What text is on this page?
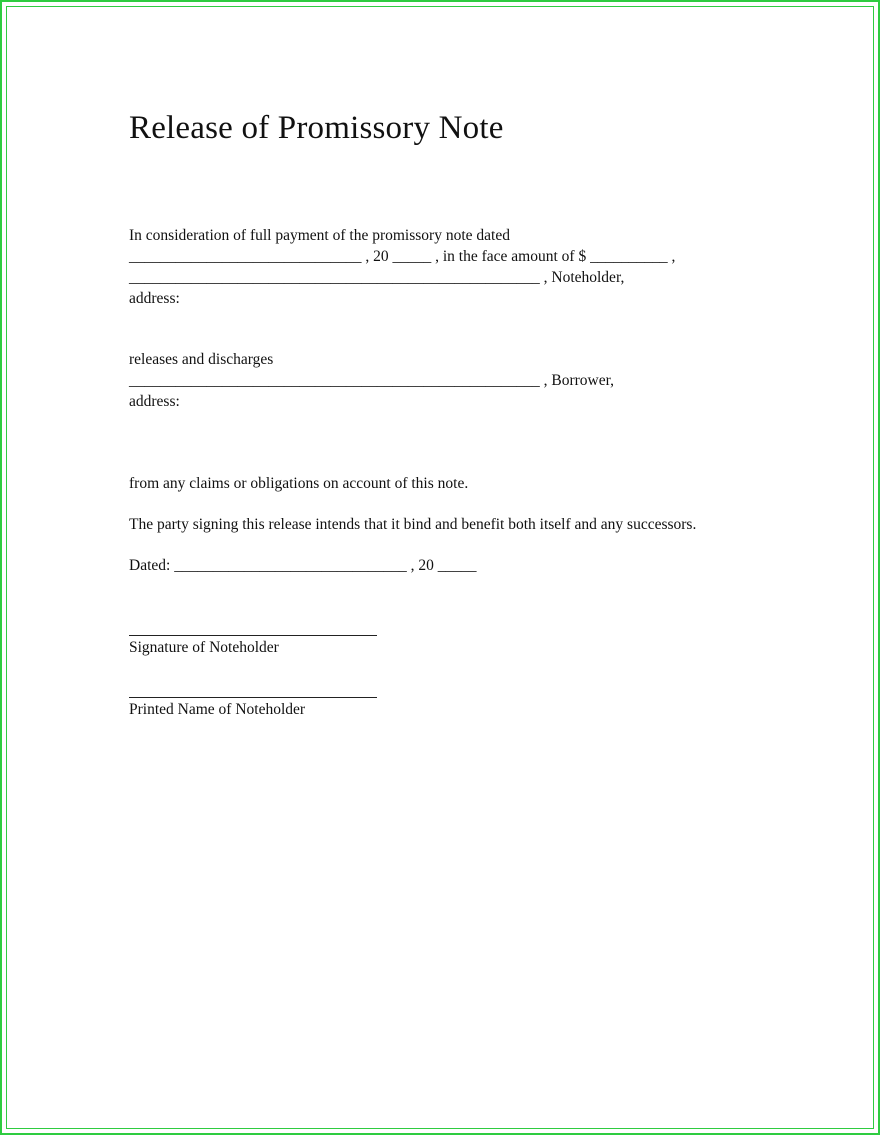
Release of Promissory Note
In consideration of full payment of the promissory note dated
______________________________ , 20 _____ , in the face amount of $ __________ ,
_____________________________________________________ , Noteholder,
address:
releases and discharges
_____________________________________________________ , Borrower,
address:
from any claims or obligations on account of this note.
The party signing this release intends that it bind and benefit both itself and any successors.
Dated: ______________________________ , 20 _____
Signature of Noteholder
Printed Name of Noteholder
